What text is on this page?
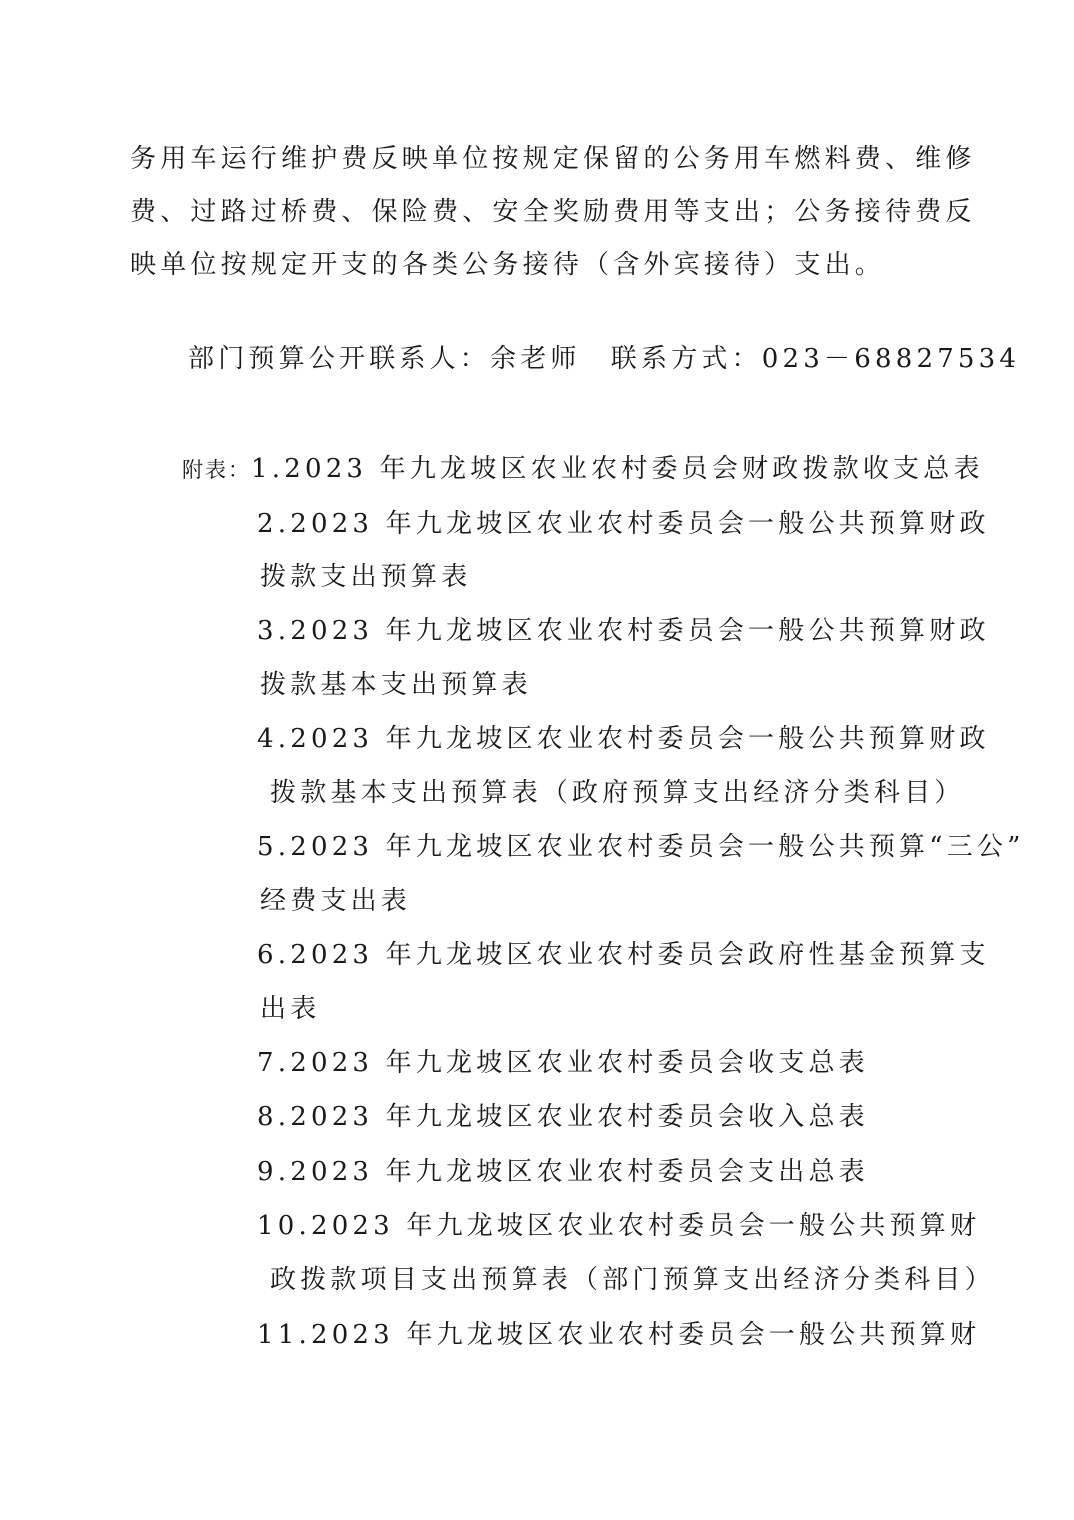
务用车运行维护费反映单位按规定保留的公务用车燃料费、维修
费、过路过桥费、保险费、安全奖励费用等支出；公务接待费反
映单位按规定开支的各类公务接待（含外宾接待）支出。
部门预算公开联系人：余老师　联系方式：023－68827534
附表：1.2023 年九龙坡区农业农村委员会财政拨款收支总表
2.2023 年九龙坡区农业农村委员会一般公共预算财政
拨款支出预算表
3.2023 年九龙坡区农业农村委员会一般公共预算财政
拨款基本支出预算表
4.2023 年九龙坡区农业农村委员会一般公共预算财政
拨款基本支出预算表（政府预算支出经济分类科目）
5.2023 年九龙坡区农业农村委员会一般公共预算“三公”
经费支出表
6.2023 年九龙坡区农业农村委员会政府性基金预算支
出表
7.2023 年九龙坡区农业农村委员会收支总表
8.2023 年九龙坡区农业农村委员会收入总表
9.2023 年九龙坡区农业农村委员会支出总表
10.2023 年九龙坡区农业农村委员会一般公共预算财
政拨款项目支出预算表（部门预算支出经济分类科目）
11.2023 年九龙坡区农业农村委员会一般公共预算财
